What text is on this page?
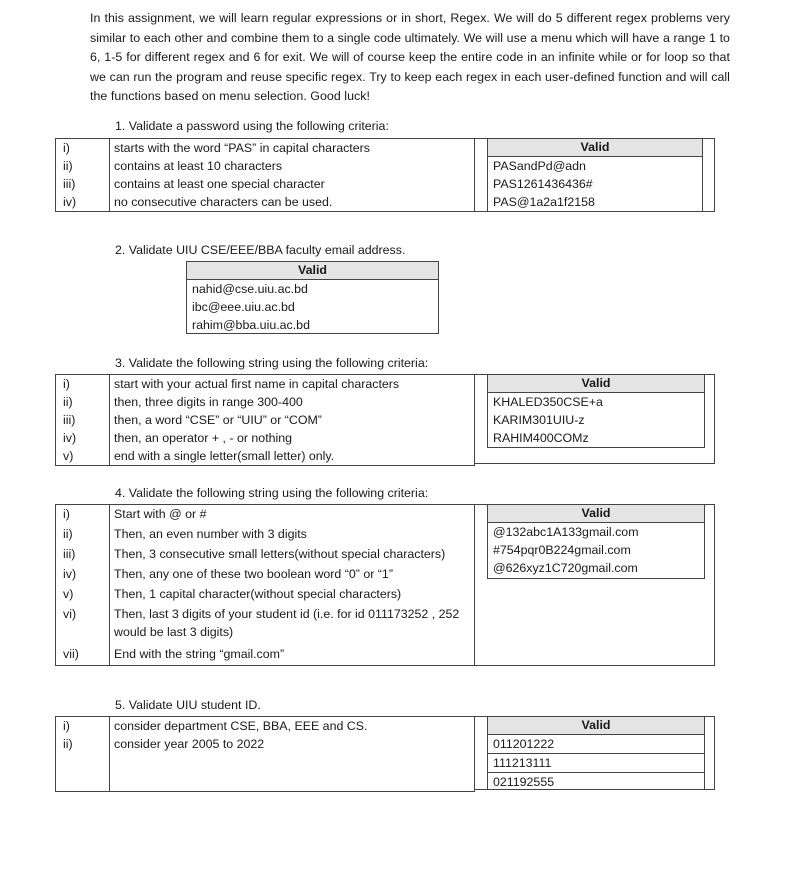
In this assignment, we will learn regular expressions or in short, Regex. We will do 5 different regex problems very similar to each other and combine them to a single code ultimately. We will use a menu which will have a range 1 to 6, 1-5 for different regex and 6 for exit. We will of course keep the entire code in an infinite while or for loop so that we can run the program and reuse specific regex. Try to keep each regex in each user-defined function and will call the functions based on menu selection. Good luck!
1. Validate a password using the following criteria:
i)	starts with the word “PAS” in capital characters
ii)	contains at least 10 characters
iii)	contains at least one special character
iv)	no consecutive characters can be used.
Valid
PASandPd@adn
PAS1261436436#
PAS@1a2a1f2158
2. Validate UIU CSE/EEE/BBA faculty email address.
Valid
nahid@cse.uiu.ac.bd
ibc@eee.uiu.ac.bd
rahim@bba.uiu.ac.bd
3. Validate the following string using the following criteria:
i)	start with your actual first name in capital characters
ii)	then, three digits in range 300-400
iii)	then, a word “CSE” or “UIU” or “COM”
iv)	then, an operator + , - or nothing
v)	end with a single letter(small letter) only.
Valid
KHALED350CSE+a
KARIM301UIU-z
RAHIM400COMz
4. Validate the following string using the following criteria:
i)	Start with @ or #
ii)	Then, an even number with 3 digits
iii)	Then, 3 consecutive small letters(without special characters)
iv)	Then, any one of these two boolean word “0” or “1”
v)	Then, 1 capital character(without special characters)
vi)	Then, last 3 digits of your student id (i.e. for id 011173252 , 252 would be last 3 digits)
vii)	End with the string “gmail.com”
Valid
@132abc1A133gmail.com
#754pqr0B224gmail.com
@626xyz1C720gmail.com
5. Validate UIU student ID.
i)	consider department CSE, BBA, EEE and CS.
ii)	consider year 2005 to 2022
Valid
011201222
111213111
021192555
